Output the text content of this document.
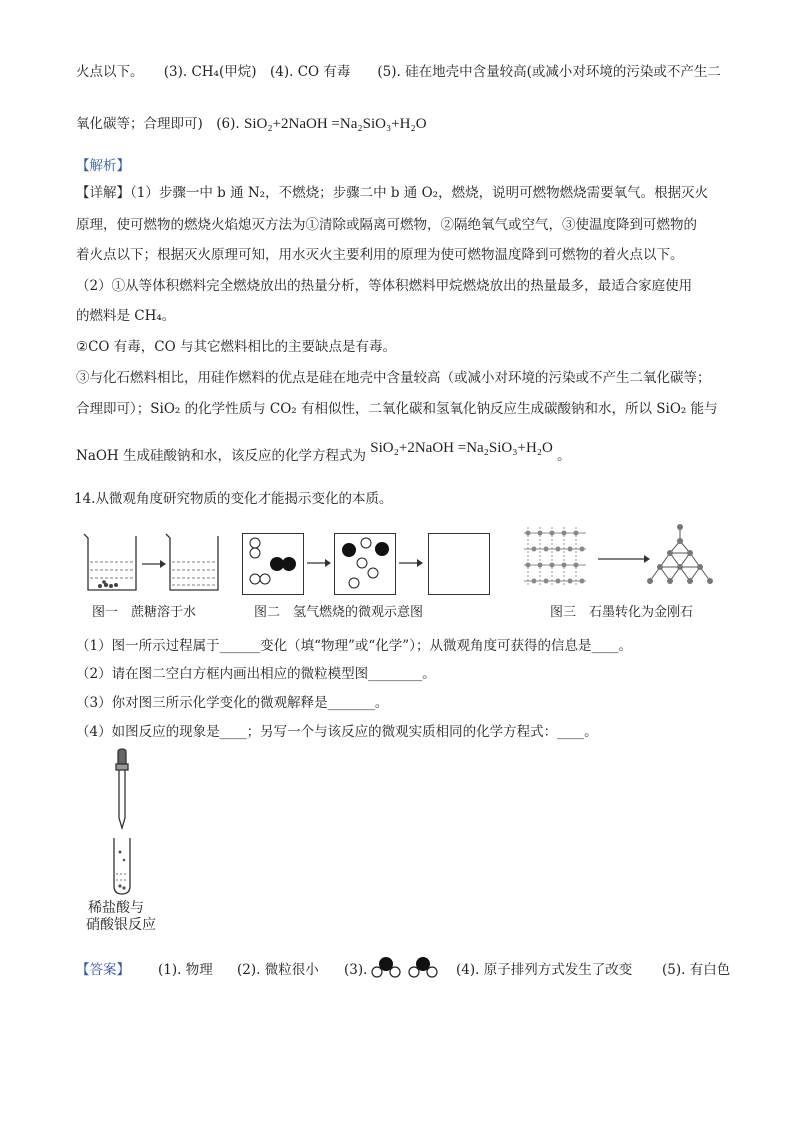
火点以下。　　(3). CH₄(甲烷)　(4). CO 有毒　　(5). 硅在地壳中含量较高(或减小对环境的污染或不产生二
氧化碳等；合理即可)　(6). SiO₂+2NaOH =Na₂SiO₃+H₂O
【解析】
【详解】（1）步骤一中 b 通 N₂，不燃烧；步骤二中 b 通 O₂，燃烧，说明可燃物燃烧需要氧气。根据灭火
原理，使可燃物的燃烧火焰熄灭方法为①清除或隔离可燃物，②隔绝氧气或空气，③使温度降到可燃物的
着火点以下；根据灭火原理可知，用水灭火主要利用的原理为使可燃物温度降到可燃物的着火点以下。
（2）①从等体积燃料完全燃烧放出的热量分析，等体积燃料甲烷燃烧放出的热量最多，最适合家庭使用
的燃料是 CH₄。
②CO 有毒，CO 与其它燃料相比的主要缺点是有毒。
③与化石燃料相比，用硅作燃料的优点是硅在地壳中含量较高（或减小对环境的污染或不产生二氧化碳等；
合理即可）；SiO₂ 的化学性质与 CO₂ 有相似性，二氧化碳和氢氧化钠反应生成碳酸钠和水，所以 SiO₂ 能与
NaOH 生成硅酸钠和水，该反应的化学方程式为 SiO₂+2NaOH =Na₂SiO₃+H₂O 。
14.从微观角度研究物质的变化才能揭示变化的本质。
图一　蔗糖溶于水	图二　氢气燃烧的微观示意图	图三　石墨转化为金刚石
（1）图一所示过程属于______变化（填“物理”或“化学”）；从微观角度可获得的信息是____。
（2）请在图二空白方框内画出相应的微粒模型图________。
（3）你对图三所示化学变化的微观解释是_______。
（4）如图反应的现象是____；另写一个与该反应的微观实质相同的化学方程式：____。
稀盐酸与
硝酸银反应
【答案】 (1). 物理 (2). 微粒很小 (3).	(4). 原子排列方式发生了改变 (5). 有白色
